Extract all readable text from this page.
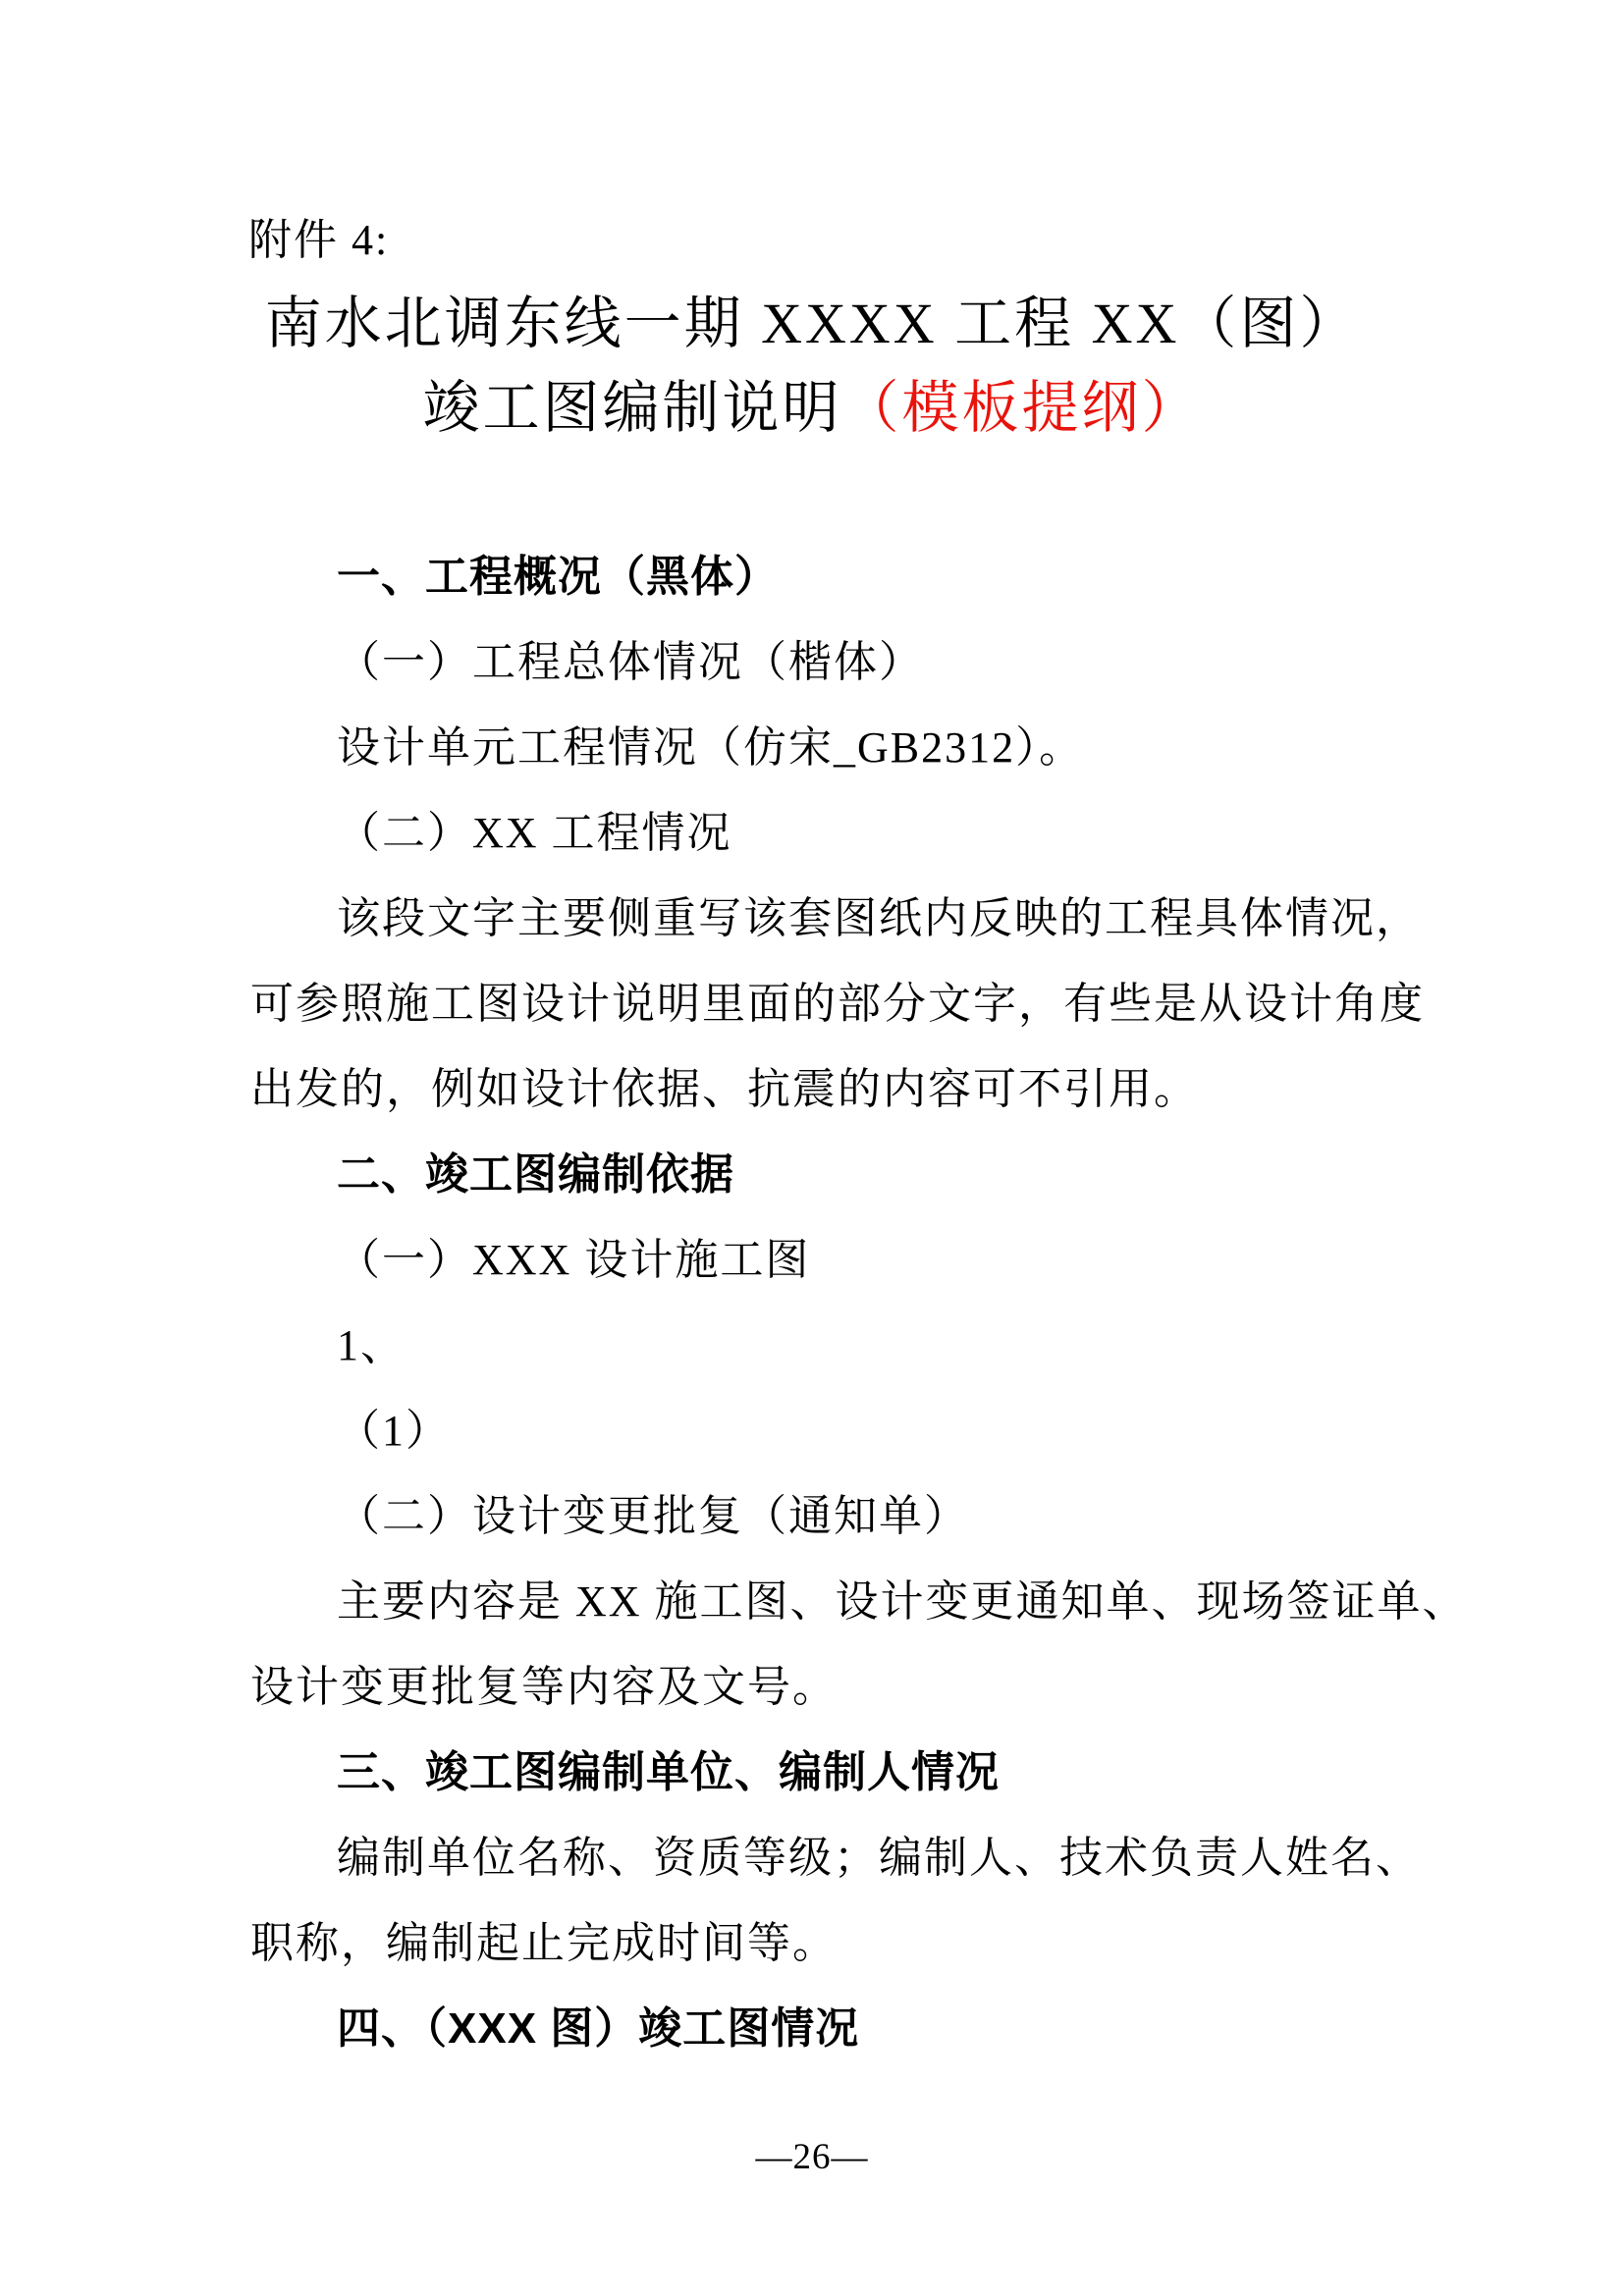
附件 4:
南水北调东线一期 XXXX 工程 XX（图）
竣工图编制说明（模板提纲）
一、工程概况（黑体）
（一）工程总体情况（楷体）
设计单元工程情况（仿宋_GB2312）。
（二）XX 工程情况
该段文字主要侧重写该套图纸内反映的工程具体情况，
可参照施工图设计说明里面的部分文字，有些是从设计角度
出发的，例如设计依据、抗震的内容可不引用。
二、竣工图编制依据
（一）XXX 设计施工图
1、
（1）
（二）设计变更批复（通知单）
主要内容是 XX 施工图、设计变更通知单、现场签证单、
设计变更批复等内容及文号。
三、竣工图编制单位、编制人情况
编制单位名称、资质等级；编制人、技术负责人姓名、
职称，编制起止完成时间等。
四、（XXX 图）竣工图情况
—26—
